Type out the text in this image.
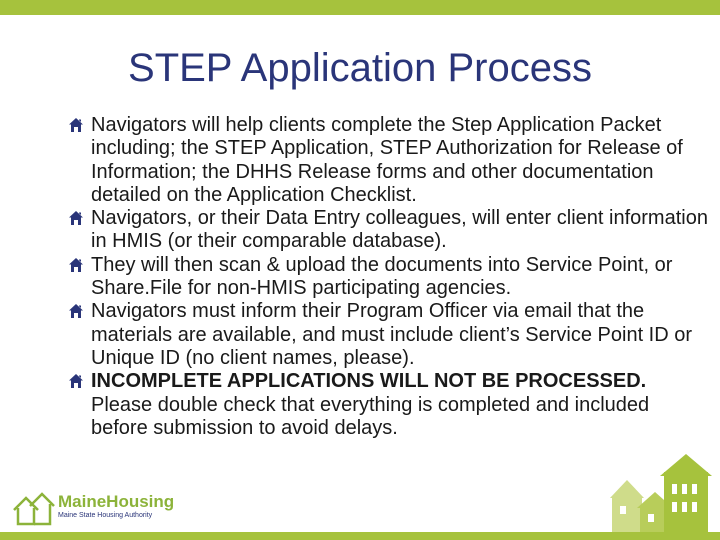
STEP Application Process
Navigators will help clients complete the Step Application Packet including; the STEP Application, STEP Authorization for Release of Information; the DHHS Release forms and other documentation detailed on the Application Checklist.
Navigators, or their Data Entry colleagues, will enter client information in HMIS (or their comparable database).
They will then scan & upload the documents into Service Point, or Share.File for non-HMIS participating agencies.
Navigators must inform their Program Officer via email that the materials are available, and must include client’s Service Point ID or Unique ID (no client names, please).
INCOMPLETE APPLICATIONS WILL NOT BE PROCESSED. Please double check that everything is completed and included before submission to avoid delays.
MaineHousing
Maine State Housing Authority
